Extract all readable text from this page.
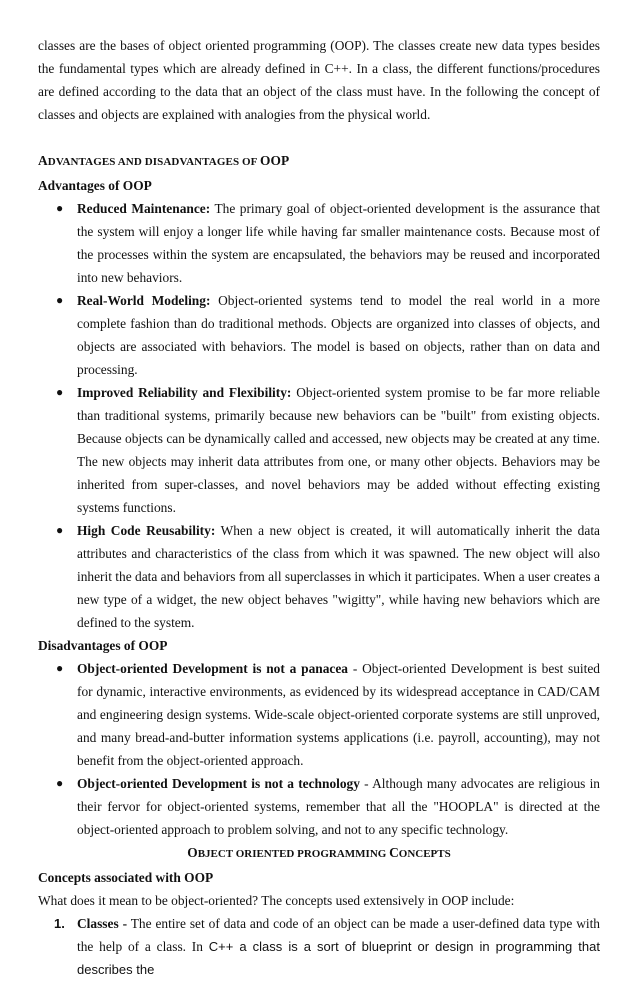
classes are the bases of object oriented programming (OOP). The classes create new data types besides the fundamental types which are already defined in C++. In a class, the different functions/procedures are defined according to the data that an object of the class must have. In the following the concept of classes and objects are explained with analogies from the physical world.

ADVANTAGES AND DISADVANTAGES OF OOP
Advantages of OOP
● Reduced Maintenance: The primary goal of object-oriented development is the assurance that the system will enjoy a longer life while having far smaller maintenance costs. Because most of the processes within the system are encapsulated, the behaviors may be reused and incorporated into new behaviors.
● Real-World Modeling: Object-oriented systems tend to model the real world in a more complete fashion than do traditional methods. Objects are organized into classes of objects, and objects are associated with behaviors. The model is based on objects, rather than on data and processing.
● Improved Reliability and Flexibility: Object-oriented system promise to be far more reliable than traditional systems, primarily because new behaviors can be "built" from existing objects. Because objects can be dynamically called and accessed, new objects may be created at any time. The new objects may inherit data attributes from one, or many other objects. Behaviors may be inherited from super-classes, and novel behaviors may be added without effecting existing systems functions.
● High Code Reusability: When a new object is created, it will automatically inherit the data attributes and characteristics of the class from which it was spawned. The new object will also inherit the data and behaviors from all superclasses in which it participates. When a user creates a new type of a widget, the new object behaves "wigitty", while having new behaviors which are defined to the system.
Disadvantages of OOP
● Object-oriented Development is not a panacea - Object-oriented Development is best suited for dynamic, interactive environments, as evidenced by its widespread acceptance in CAD/CAM and engineering design systems. Wide-scale object-oriented corporate systems are still unproved, and many bread-and-butter information systems applications (i.e. payroll, accounting), may not benefit from the object-oriented approach.
● Object-oriented Development is not a technology - Although many advocates are religious in their fervor for object-oriented systems, remember that all the "HOOPLA" is directed at the object-oriented approach to problem solving, and not to any specific technology.
OBJECT ORIENTED PROGRAMMING CONCEPTS
Concepts associated with OOP

What does it mean to be object-oriented? The concepts used extensively in OOP include:

1. Classes - The entire set of data and code of an object can be made a user-defined data type with the help of a class. In C++ a class is a sort of blueprint or design in programming that describes the
